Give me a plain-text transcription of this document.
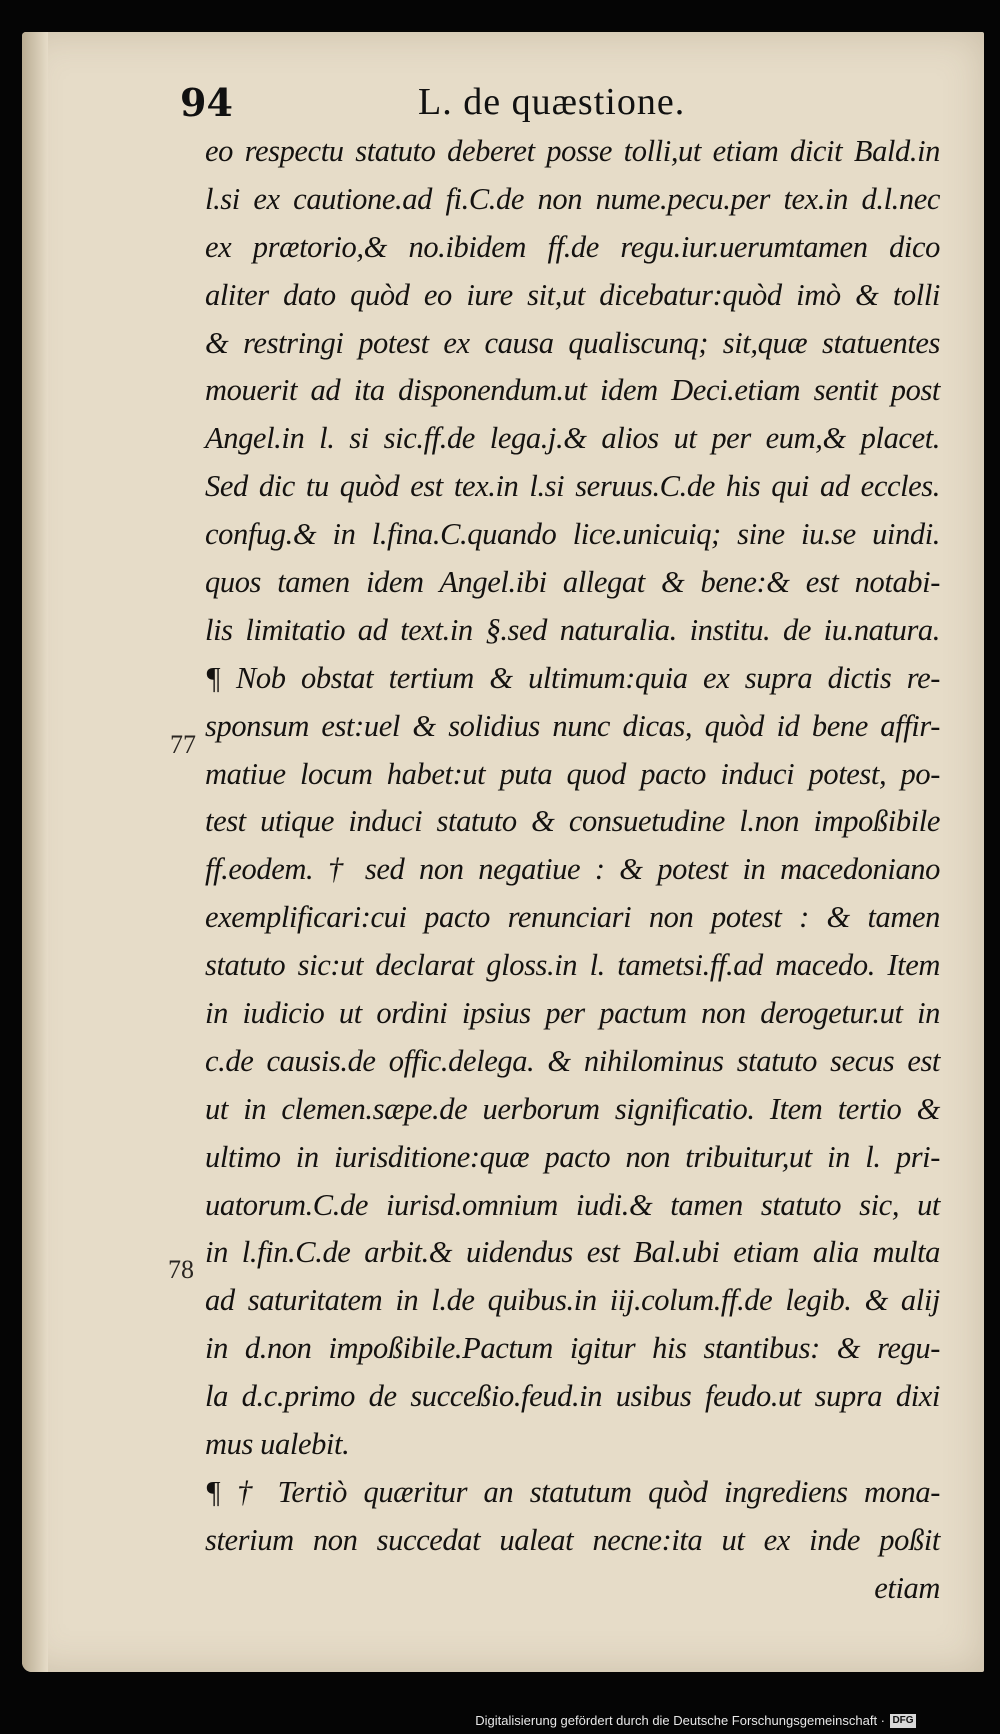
94	L. de quæstione.
77
78
eo respectu statuto deberet posse tolli,ut etiam dicit Bald.in
l.si ex cautione.ad fi.C.de non nume.pecu.per tex.in d.l.nec
ex prætorio,& no.ibidem ff.de regu.iur.uerumtamen dico
aliter dato quòd eo iure sit,ut dicebatur:quòd imò & tolli
& restringi potest ex causa qualiscunq; sit,quæ statuentes
mouerit ad ita disponendum.ut idem Deci.etiam sentit post
Angel.in l. si sic.ff.de lega.j.& alios ut per eum,& placet.
Sed dic tu quòd est tex.in l.si seruus.C.de his qui ad eccles.
confug.& in l.fina.C.quando lice.unicuiq; sine iu.se uindi.
quos tamen idem Angel.ibi allegat & bene:& est notabi-
lis limitatio ad text.in §.sed naturalia. institu. de iu.natura.
¶ Nob obstat tertium & ultimum:quia ex supra dictis re-
sponsum est:uel & solidius nunc dicas, quòd id bene affir-
matiue locum habet:ut puta quod pacto induci potest, po-
test utique induci statuto & consuetudine l.non impoßibile
ff.eodem. † sed non negatiue : & potest in macedoniano
exemplificari:cui pacto renunciari non potest : & tamen
statuto sic:ut declarat gloss.in l. tametsi.ff.ad macedo. Item
in iudicio ut ordini ipsius per pactum non derogetur.ut in
c.de causis.de offic.delega. & nihilominus statuto secus est
ut in clemen.sæpe.de uerborum significatio. Item tertio &
ultimo in iurisditione:quæ pacto non tribuitur,ut in l. pri-
uatorum.C.de iurisd.omnium iudi.& tamen statuto sic, ut
in l.fin.C.de arbit.& uidendus est Bal.ubi etiam alia multa
ad saturitatem in l.de quibus.in iij.colum.ff.de legib. & alij
in d.non impoßibile.Pactum igitur his stantibus: & regu-
la d.c.primo de succeßio.feud.in usibus feudo.ut supra dixi
mus ualebit.
¶ † Tertiò quæritur an statutum quòd ingrediens mona-
sterium non succedat ualeat necne:ita ut ex inde poßit
etiam
Digitalisierung gefördert durch die Deutsche Forschungsgemeinschaft · DFG
